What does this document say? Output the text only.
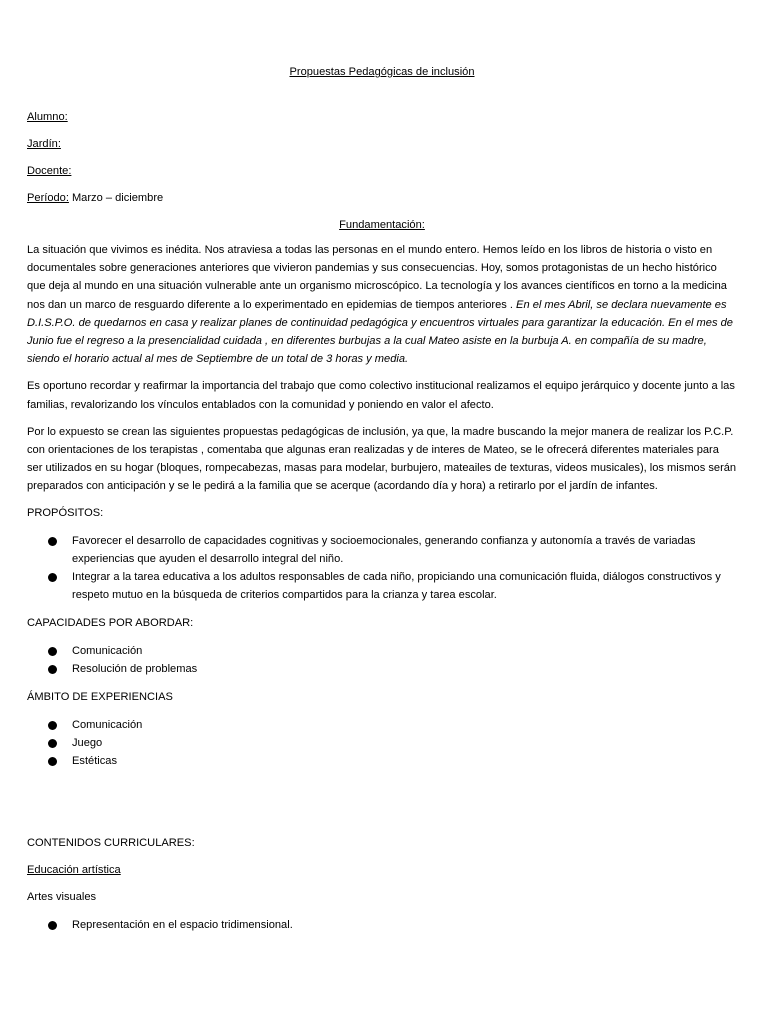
Propuestas Pedagógicas de inclusión
Alumno:
Jardín:
Docente:
Período: Marzo – diciembre
Fundamentación:

La situación que vivimos es inédita. Nos atraviesa a todas las personas en el mundo entero. Hemos leído en los libros de historia o visto en documentales sobre generaciones anteriores que vivieron pandemias y sus consecuencias. Hoy, somos protagonistas de un hecho histórico que deja al mundo en una situación vulnerable ante un organismo microscópico. La tecnología y los avances científicos en torno a la medicina nos dan un marco de resguardo diferente a lo experimentado en epidemias de tiempos anteriores . En el mes Abril, se declara nuevamente es D.I.S.P.O. de quedarnos en casa y realizar planes de continuidad pedagógica y encuentros virtuales para garantizar la educación. En el mes de Junio fue el regreso a la presencialidad cuidada , en diferentes burbujas a la cual Mateo asiste en la burbuja A. en compañía de su madre, siendo el horario actual al mes de Septiembre de un total de 3 horas y media.

Es oportuno recordar y reafirmar la importancia del trabajo que como colectivo institucional realizamos el equipo jerárquico y docente junto a las familias, revalorizando los vínculos entablados con la comunidad y poniendo en valor el afecto.

Por lo expuesto se crean las siguientes propuestas pedagógicas de inclusión, ya que, la madre buscando la mejor manera de realizar los P.C.P. con orientaciones de los terapistas , comentaba que algunas eran realizadas y de interes de Mateo, se le ofrecerá diferentes materiales para ser utilizados en su hogar (bloques, rompecabezas, masas para modelar, burbujero, mateailes de texturas, videos musicales), los mismos serán preparados con anticipación y se le pedirá a la familia que se acerque (acordando día y hora) a retirarlo por el jardín de infantes.

PROPÓSITOS:
Favorecer el desarrollo de capacidades cognitivas y socioemocionales, generando confianza y autonomía a través de variadas experiencias que ayuden el desarrollo integral del niño.
Integrar a la tarea educativa a los adultos responsables de cada niño, propiciando una comunicación fluida, diálogos constructivos y respeto mutuo en la búsqueda de criterios compartidos para la crianza y tarea escolar.
CAPACIDADES POR ABORDAR:
Comunicación
Resolución de problemas
ÁMBITO DE EXPERIENCIAS
Comunicación
Juego
Estéticas
CONTENIDOS CURRICULARES:
Educación artística
Artes visuales
Representación en el espacio tridimensional.
